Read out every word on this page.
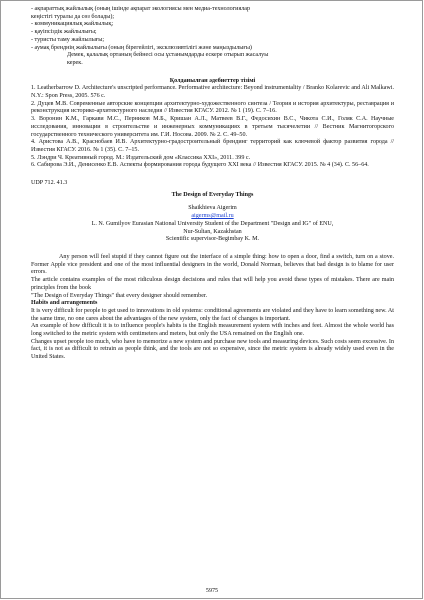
- ақпараттық жайлылық (оның ішінде ақпарат экологиясы мен медиа-технологиялар

кеңістігі туралы да сөз болады);

- коммуникациялық жайлылық;

- қауіпсіздік жайлылығы;

- туристы таму жайлылығы;

- аумақ бренднің жайлылығы (оның бірегейлігі, эксклюзивтілігі және маңыздылығы)

Демек, қалалық ортаның бейнесі осы ұстанымдарды ескере отырып жасалуы

керек.

Қолданылған әдебиеттер тізімі

1. Leatherbarrow D. Architecture's unscripted performance. Performative architecture: Beyond instrumentality / Branko Kolarevic and Ali Malkawi. N.Y.: Spon Press, 2005. 576 с.

2. Дуцев М.В. Современные авторские концепции архитектурно-художественного синтеза / Теория и история архитектуры, реставрация и реконструкция историко-архитектурного наследия // Известия КГАСУ. 2012. № 1 (19). С. 7–16.

3. Воронин К.М., Гаркави М.С., Перников М.Б., Кришан А.Л., Матвеев В.Г., Федосихин В.С., Чикота С.И., Голяк С.А. Научные исследования, инновации в строительстве и инженерных коммуникациях в третьем тысячелетии // Вестник Магнитогорского государственного технического университета им. Г.И. Носова. 2009. № 2. С. 49–50.

4. Аристова А.В., Краснобаев И.В. Архитектурно-градостроительный брендинг территорий как ключевой фактор развития города // Известия КГАСУ. 2016. № 1 (35). С. 7–15.

5. Лэндри Ч. Креативный город. М.: Издательский дом «Классика XXI», 2011. 399 с.

6. Сабирова Э.И., Денисенко Е.В. Аспекты формирования города будущего XXI века // Известия КГАСУ. 2015. № 4 (34). С. 56–64.

UDP 712. 41.3

The Design of Everyday Things

Shaikhieva Aigerim

aigerms@mail.ru

L. N. Gumilyov Eurasian National University Student of the Department "Design and IG" of ENU,

Nur-Sultan, Kazakhstan

Scientific supervisor-Begimbay K. M.

Any person will feel stupid if they cannot figure out the interface of a simple thing: how to open a door, find a switch, turn on a stove. Former Apple vice president and one of the most influential designers in the world, Donald Norman, believes that bad design is to blame for user errors.

The article contains examples of the most ridiculous design decisions and rules that will help you avoid these types of mistakes. There are main principles from the book

"The Design of Everyday Things" that every designer should remember.

Habits and arrangements

It is very difficult for people to get used to innovations in old systems: conditional agreements are violated and they have to learn something new. At the same time, no one cares about the advantages of the new system, only the fact of changes is important.

An example of how difficult it is to influence people's habits is the English measurement system with inches and feet. Almost the whole world has long switched to the metric system with centimeters and meters, but only the USA remained on the English one.

Changes upset people too much, who have to memorize a new system and purchase new tools and measuring devices. Such costs seem excessive. In fact, it is not as difficult to retrain as people think, and the tools are not so expensive, since the metric system is already widely used even in the United States.

5975
